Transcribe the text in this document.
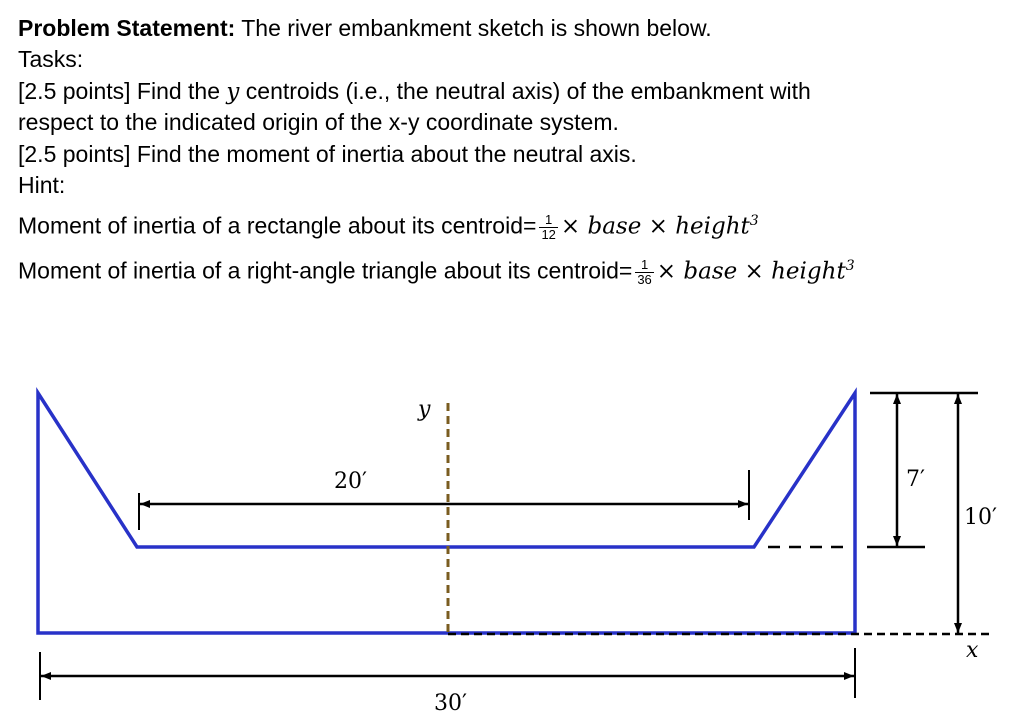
Problem Statement: The river embankment sketch is shown below.
Tasks:
[2.5 points] Find the y centroids (i.e., the neutral axis) of the embankment with
respect to the indicated origin of the x-y coordinate system.
[2.5 points] Find the moment of inertia about the neutral axis.
Hint:
Moment of inertia of a rectangle about its centroid= $\frac{1}{12}$ × base × height$^3$
Moment of inertia of a right-angle triangle about its centroid= $\frac{1}{36}$ × base × height$^3$
20′
30′
7′
10′
y
x
